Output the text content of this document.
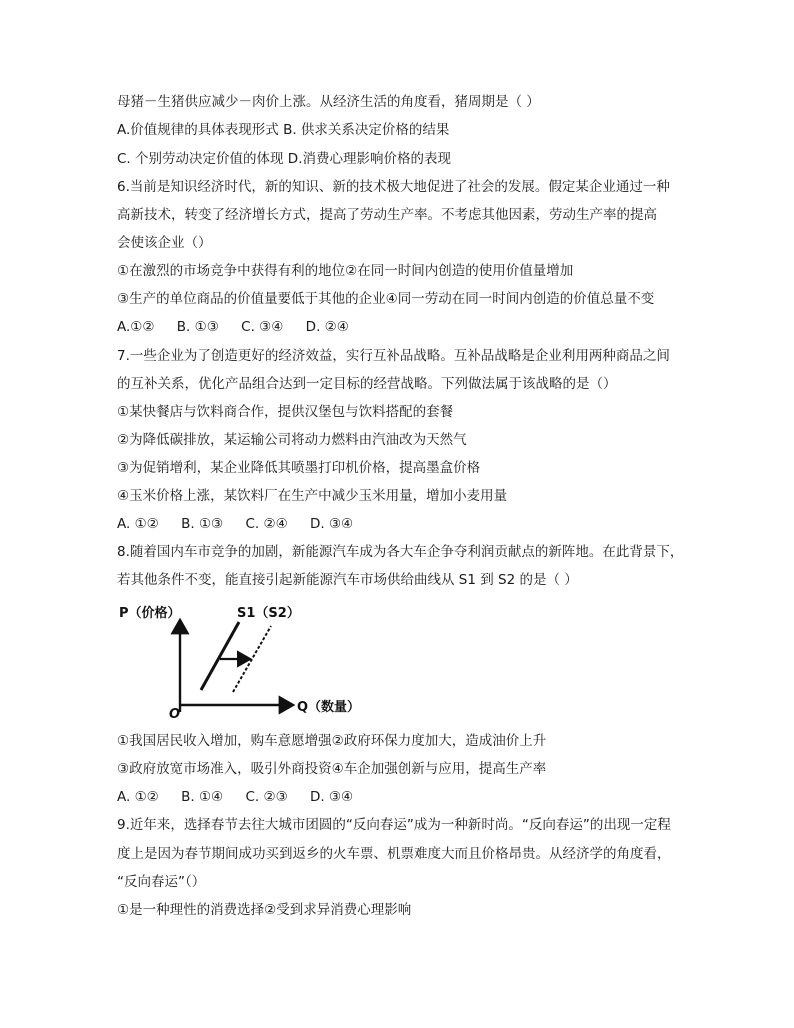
母猪－生猪供应减少－肉价上涨。从经济生活的角度看，猪周期是（ ）
A.价值规律的具体表现形式 B. 供求关系决定价格的结果
C. 个别劳动决定价值的体现 D.消费心理影响价格的表现
6.当前是知识经济时代，新的知识、新的技术极大地促进了社会的发展。假定某企业通过一种
高新技术，转变了经济增长方式，提高了劳动生产率。不考虑其他因素，劳动生产率的提高
会使该企业（）
①在激烈的市场竞争中获得有利的地位②在同一时间内创造的使用价值量增加
③生产的单位商品的价值量要低于其他的企业④同一劳动在同一时间内创造的价值总量不变
A.①② B. ①③ C. ③④ D. ②④
7.一些企业为了创造更好的经济效益，实行互补品战略。互补品战略是企业利用两种商品之间
的互补关系，优化产品组合达到一定目标的经营战略。下列做法属于该战略的是（）
①某快餐店与饮料商合作，提供汉堡包与饮料搭配的套餐
②为降低碳排放，某运输公司将动力燃料由汽油改为天然气
③为促销增利，某企业降低其喷墨打印机价格，提高墨盒价格
④玉米价格上涨，某饮料厂在生产中减少玉米用量，增加小麦用量
A. ①② B. ①③ C. ②④ D. ③④
8.随着国内车市竞争的加剧，新能源汽车成为各大车企争夺利润贡献点的新阵地。在此背景下，
若其他条件不变，能直接引起新能源汽车市场供给曲线从 S1 到 S2 的是（ ）
P（价格）	S1（S2）
Q（数量）
O
①我国居民收入增加，购车意愿增强②政府环保力度加大，造成油价上升
③政府放宽市场准入，吸引外商投资④车企加强创新与应用，提高生产率
A. ①② B. ①④ C. ②③ D. ③④
9.近年来，选择春节去往大城市团圆的“反向春运”成为一种新时尚。“反向春运”的出现一定程
度上是因为春节期间成功买到返乡的火车票、机票难度大而且价格昂贵。从经济学的角度看，
“反向春运”（）
①是一种理性的消费选择②受到求异消费心理影响
